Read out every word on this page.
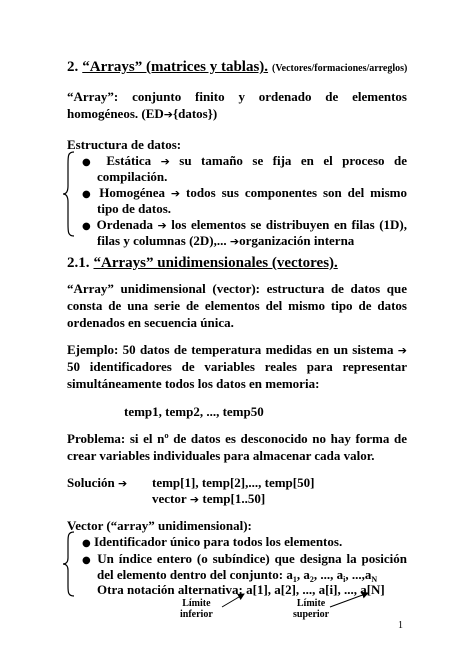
2. “Arrays” (matrices y tablas). (Vectores/formaciones/arreglos)
“Array”: conjunto finito y ordenado de elementos
homogéneos. (ED➔{datos})
Estructura de datos:
● Estática ➔ su tamaño se fija en el proceso de
compilación.
● Homogénea ➔ todos sus componentes son del mismo
tipo de datos.
● Ordenada ➔ los elementos se distribuyen en filas (1D),
filas y columnas (2D),... ➔organización interna
2.1. “Arrays” unidimensionales (vectores).
“Array” unidimensional (vector): estructura de datos que
consta de una serie de elementos del mismo tipo de datos
ordenados en secuencia única.
Ejemplo: 50 datos de temperatura medidas en un sistema ➔
50 identificadores de variables reales para representar
simultáneamente todos los datos en memoria:
temp1, temp2, ..., temp50
Problema: si el nº de datos es desconocido no hay forma de
crear variables individuales para almacenar cada valor.
Solución ➔ temp[1], temp[2],..., temp[50]
vector ➔ temp[1..50]
Vector (“array” unidimensional):
● Identificador único para todos los elementos.
● Un índice entero (o subíndice) que designa la posición
del elemento dentro del conjunto: $a_1$, $a_2$, ..., $a_i$, $...,a_N$
Otra notación alternativa: a[1], a[2], ..., a[i], ..., a[N]
Límite
inferior
Límite
superior
1
